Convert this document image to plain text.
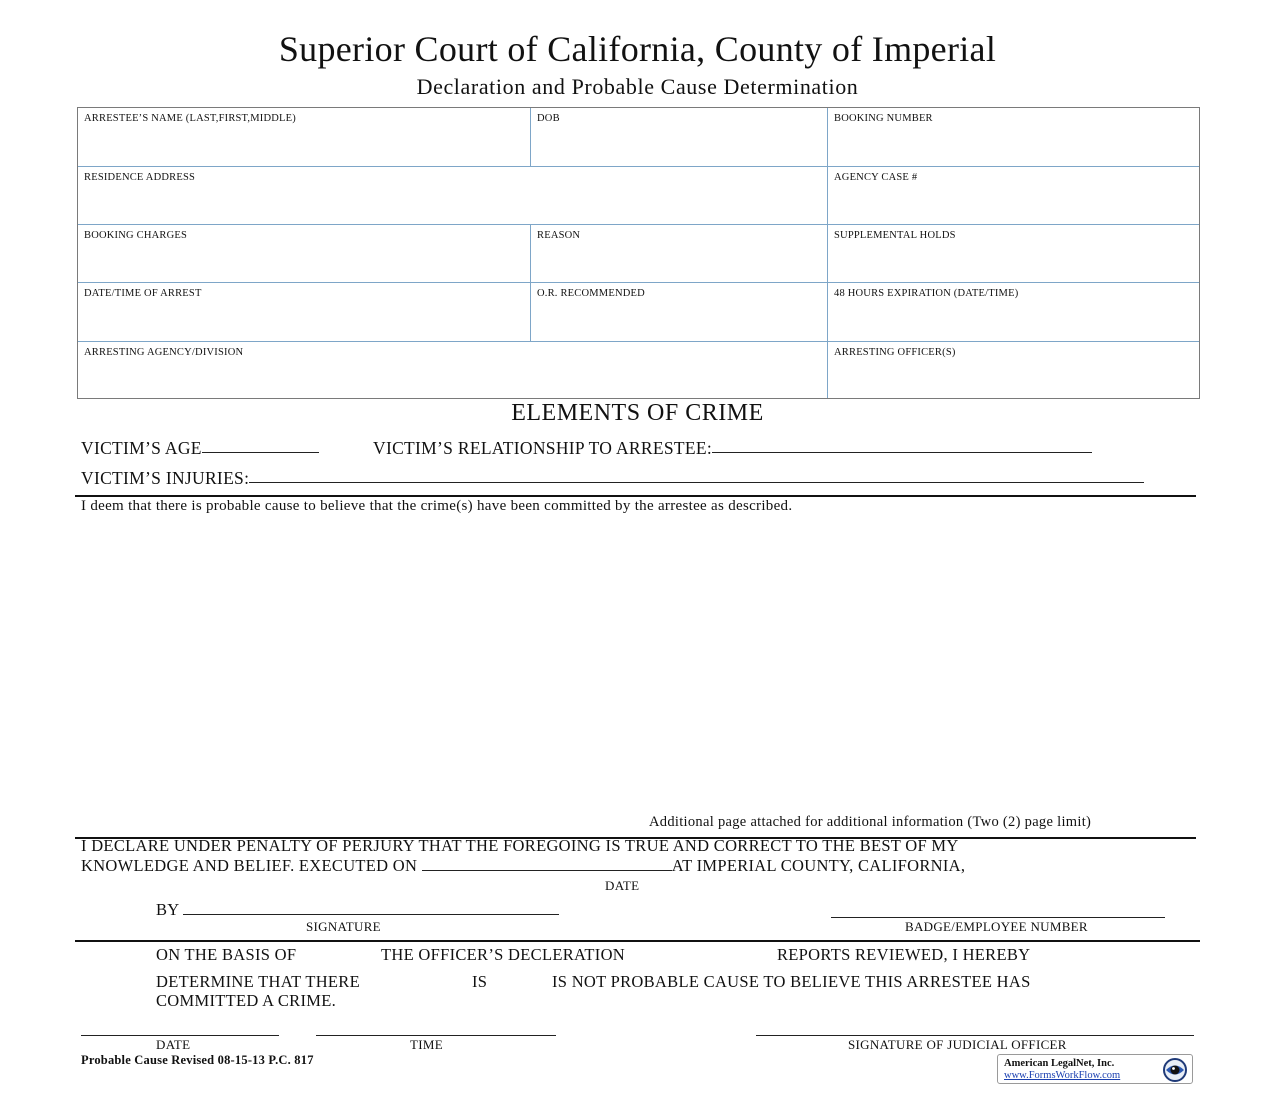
Superior Court of California, County of Imperial
Declaration and Probable Cause Determination
ARRESTEE’S NAME (LAST,FIRST,MIDDLE)	DOB	BOOKING NUMBER
RESIDENCE ADDRESS	AGENCY CASE #
BOOKING CHARGES	REASON	SUPPLEMENTAL HOLDS
DATE/TIME OF ARREST	O.R. RECOMMENDED	48 HOURS EXPIRATION (DATE/TIME)
ARRESTING AGENCY/DIVISION	ARRESTING OFFICER(S)
ELEMENTS OF CRIME
VICTIM’S AGE	VICTIM’S RELATIONSHIP TO ARRESTEE:
VICTIM’S INJURIES:
I deem that there is probable cause to believe that the crime(s) have been committed by the arrestee as described.
Additional page attached for additional information (Two (2) page limit)
I DECLARE UNDER PENALTY OF PERJURY THAT THE FOREGOING IS TRUE AND CORRECT TO THE BEST OF MY
KNOWLEDGE AND BELIEF. EXECUTED ON	AT IMPERIAL COUNTY, CALIFORNIA,
DATE
BY
SIGNATURE	BADGE/EMPLOYEE NUMBER
ON THE BASIS OF	THE OFFICER’S DECLERATION	REPORTS REVIEWED, I HEREBY
DETERMINE THAT THERE	IS	IS NOT PROBABLE CAUSE TO BELIEVE THIS ARRESTEE HAS
COMMITTED A CRIME.
DATE	TIME	SIGNATURE OF JUDICIAL OFFICER
Probable Cause Revised 08-15-13 P.C. 817	American LegalNet, Inc.
www.FormsWorkFlow.com
